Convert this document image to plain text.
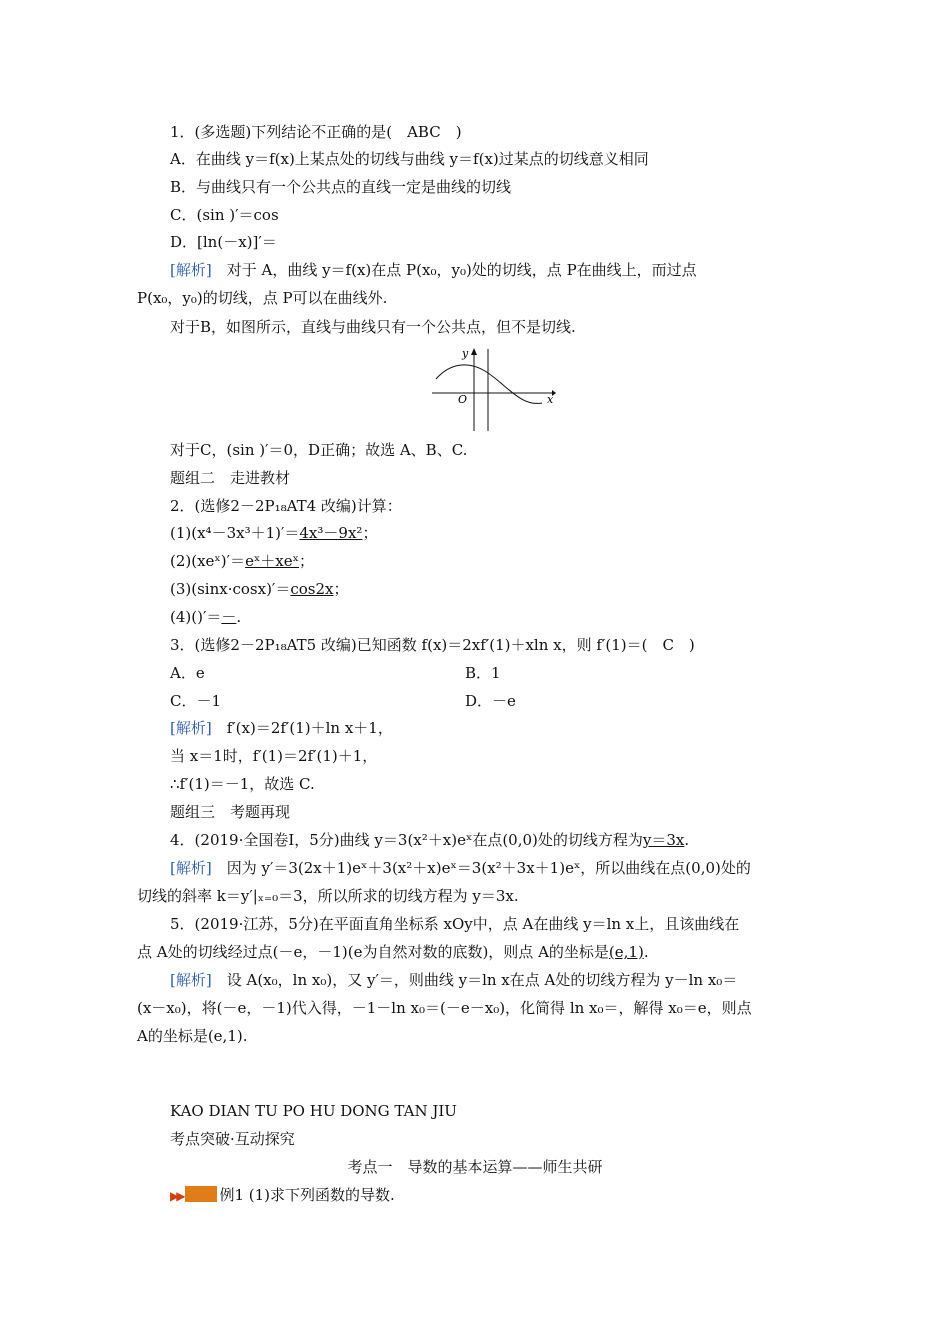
1．(多选题)下列结论不正确的是(　ABC　)
A．在曲线 y＝f(x)上某点处的切线与曲线 y＝f(x)过某点的切线意义相同
B．与曲线只有一个公共点的直线一定是曲线的切线
C．(sin )′＝cos
D．[ln(－x)]′＝
[解析]　对于 A，曲线 y＝f(x)在点 P(x₀，y₀)处的切线，点 P在曲线上，而过点
P(x₀，y₀)的切线，点 P可以在曲线外.
对于B，如图所示，直线与曲线只有一个公共点，但不是切线.
y
x
O
对于C，(sin )′＝0，D正确；故选 A、B、C.
题组二　走进教材
2．(选修2－2P₁₈AT4 改编)计算：
(1)(x⁴－3x³＋1)′＝4x³－9x²；
(2)(xeˣ)′＝eˣ＋xeˣ；
(3)(sinx·cosx)′＝cos2x；
(4)()′＝－.
3．(选修2－2P₁₈AT5 改编)已知函数 f(x)＝2xf′(1)＋xln x，则 f′(1)＝(　C　)
A．e	B．1
C．－1	D．－e
[解析]　f′(x)＝2f′(1)＋ln x＋1，
当 x＝1时，f′(1)＝2f′(1)＋1，
∴f′(1)＝－1，故选 C.
题组三　考题再现
4．(2019·全国卷Ⅰ，5分)曲线 y＝3(x²＋x)eˣ在点(0,0)处的切线方程为y＝3x.
[解析]　因为 y′＝3(2x＋1)eˣ＋3(x²＋x)eˣ＝3(x²＋3x＋1)eˣ，所以曲线在点(0,0)处的
切线的斜率 k＝y′|ₓ₌₀＝3，所以所求的切线方程为 y＝3x.
5．(2019·江苏，5分)在平面直角坐标系 xOy中，点 A在曲线 y＝ln x上，且该曲线在
点 A处的切线经过点(－e，－1)(e为自然对数的底数)，则点 A的坐标是(e,1).
[解析]　设 A(x₀，ln x₀)，又 y′＝，则曲线 y＝ln x在点 A处的切线方程为 y－ln x₀＝
(x－x₀)，将(－e，－1)代入得，－1－ln x₀＝(－e－x₀)，化简得 ln x₀＝，解得 x₀＝e，则点
A的坐标是(e,1).
KAO DIAN TU PO HU DONG TAN JIU
考点突破·互动探究
考点一　导数的基本运算——师生共研
▶▶ 例1 (1)求下列函数的导数.
